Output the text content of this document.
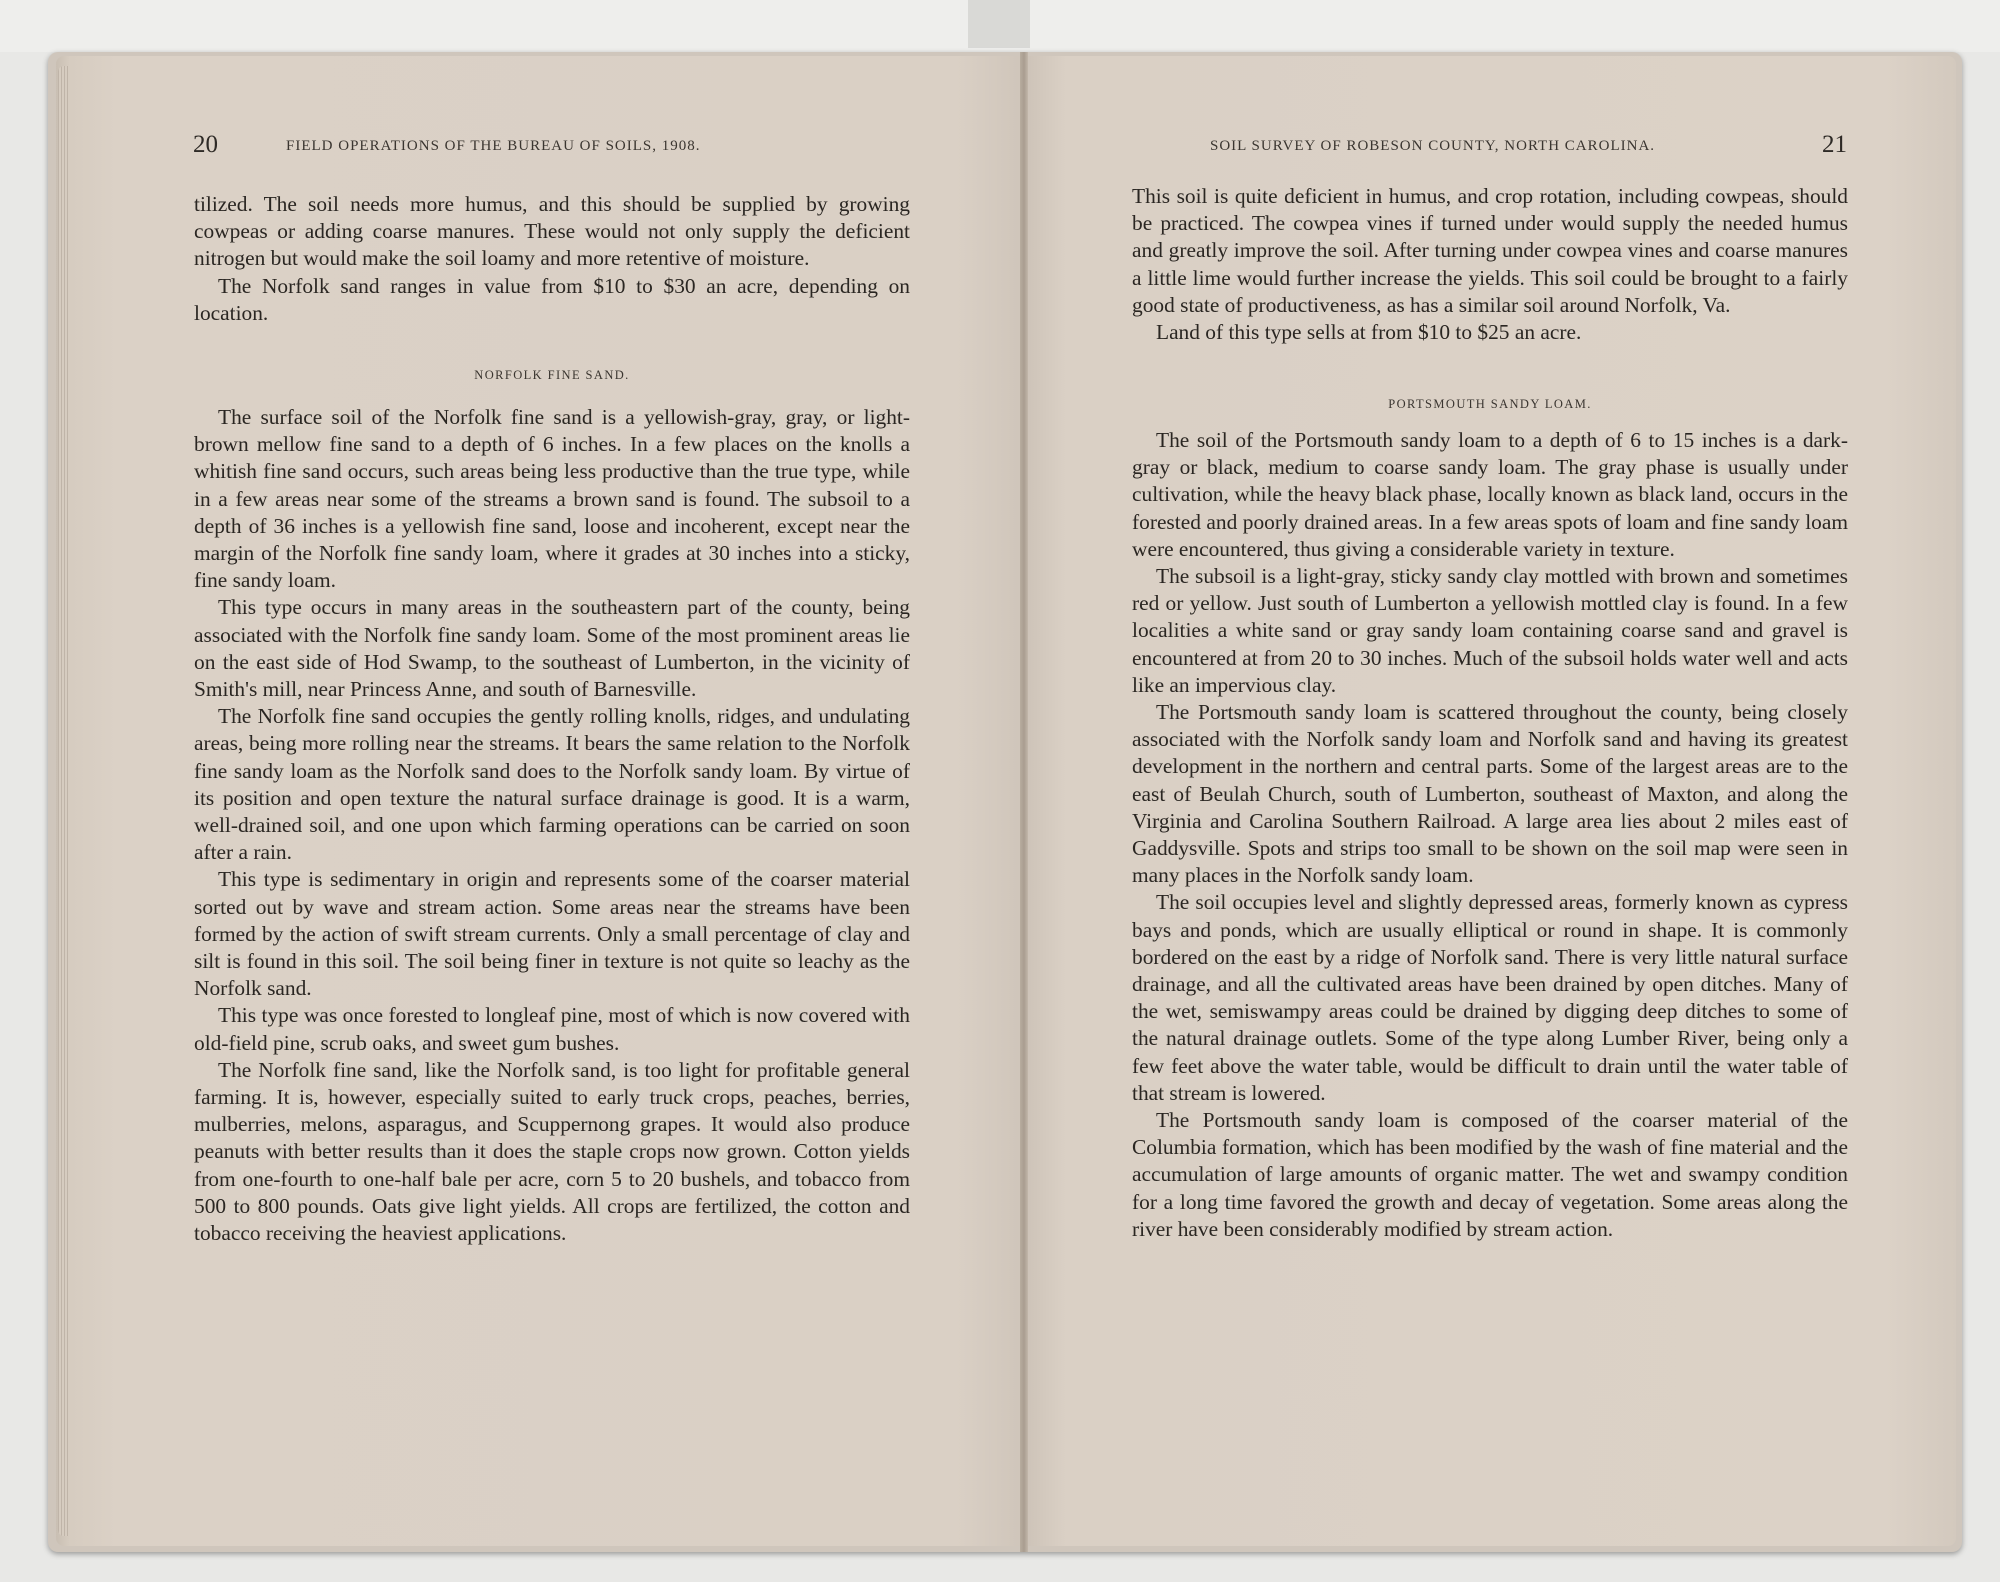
20	FIELD OPERATIONS OF THE BUREAU OF SOILS, 1908.

tilized. The soil needs more humus, and this should be supplied by growing cowpeas or adding coarse manures. These would not only supply the deficient nitrogen but would make the soil loamy and more retentive of moisture.

The Norfolk sand ranges in value from $10 to $30 an acre, depending on location.

NORFOLK FINE SAND.

The surface soil of the Norfolk fine sand is a yellowish-gray, gray, or light-brown mellow fine sand to a depth of 6 inches. In a few places on the knolls a whitish fine sand occurs, such areas being less productive than the true type, while in a few areas near some of the streams a brown sand is found. The subsoil to a depth of 36 inches is a yellowish fine sand, loose and incoherent, except near the margin of the Norfolk fine sandy loam, where it grades at 30 inches into a sticky, fine sandy loam.

This type occurs in many areas in the southeastern part of the county, being associated with the Norfolk fine sandy loam. Some of the most prominent areas lie on the east side of Hod Swamp, to the southeast of Lumberton, in the vicinity of Smith's mill, near Princess Anne, and south of Barnesville.

The Norfolk fine sand occupies the gently rolling knolls, ridges, and undulating areas, being more rolling near the streams. It bears the same relation to the Norfolk fine sandy loam as the Norfolk sand does to the Norfolk sandy loam. By virtue of its position and open texture the natural surface drainage is good. It is a warm, well-drained soil, and one upon which farming operations can be carried on soon after a rain.

This type is sedimentary in origin and represents some of the coarser material sorted out by wave and stream action. Some areas near the streams have been formed by the action of swift stream currents. Only a small percentage of clay and silt is found in this soil. The soil being finer in texture is not quite so leachy as the Norfolk sand.

This type was once forested to longleaf pine, most of which is now covered with old-field pine, scrub oaks, and sweet gum bushes.

The Norfolk fine sand, like the Norfolk sand, is too light for profitable general farming. It is, however, especially suited to early truck crops, peaches, berries, mulberries, melons, asparagus, and Scuppernong grapes. It would also produce peanuts with better results than it does the staple crops now grown. Cotton yields from one-fourth to one-half bale per acre, corn 5 to 20 bushels, and tobacco from 500 to 800 pounds. Oats give light yields. All crops are fertilized, the cotton and tobacco receiving the heaviest applications.

SOIL SURVEY OF ROBESON COUNTY, NORTH CAROLINA.	21

This soil is quite deficient in humus, and crop rotation, including cowpeas, should be practiced. The cowpea vines if turned under would supply the needed humus and greatly improve the soil. After turning under cowpea vines and coarse manures a little lime would further increase the yields. This soil could be brought to a fairly good state of productiveness, as has a similar soil around Norfolk, Va.

Land of this type sells at from $10 to $25 an acre.

PORTSMOUTH SANDY LOAM.

The soil of the Portsmouth sandy loam to a depth of 6 to 15 inches is a dark-gray or black, medium to coarse sandy loam. The gray phase is usually under cultivation, while the heavy black phase, locally known as black land, occurs in the forested and poorly drained areas. In a few areas spots of loam and fine sandy loam were encountered, thus giving a considerable variety in texture.

The subsoil is a light-gray, sticky sandy clay mottled with brown and sometimes red or yellow. Just south of Lumberton a yellowish mottled clay is found. In a few localities a white sand or gray sandy loam containing coarse sand and gravel is encountered at from 20 to 30 inches. Much of the subsoil holds water well and acts like an impervious clay.

The Portsmouth sandy loam is scattered throughout the county, being closely associated with the Norfolk sandy loam and Norfolk sand and having its greatest development in the northern and central parts. Some of the largest areas are to the east of Beulah Church, south of Lumberton, southeast of Maxton, and along the Virginia and Carolina Southern Railroad. A large area lies about 2 miles east of Gaddysville. Spots and strips too small to be shown on the soil map were seen in many places in the Norfolk sandy loam.

The soil occupies level and slightly depressed areas, formerly known as cypress bays and ponds, which are usually elliptical or round in shape. It is commonly bordered on the east by a ridge of Norfolk sand. There is very little natural surface drainage, and all the cultivated areas have been drained by open ditches. Many of the wet, semiswampy areas could be drained by digging deep ditches to some of the natural drainage outlets. Some of the type along Lumber River, being only a few feet above the water table, would be difficult to drain until the water table of that stream is lowered.

The Portsmouth sandy loam is composed of the coarser material of the Columbia formation, which has been modified by the wash of fine material and the accumulation of large amounts of organic matter. The wet and swampy condition for a long time favored the growth and decay of vegetation. Some areas along the river have been considerably modified by stream action.
